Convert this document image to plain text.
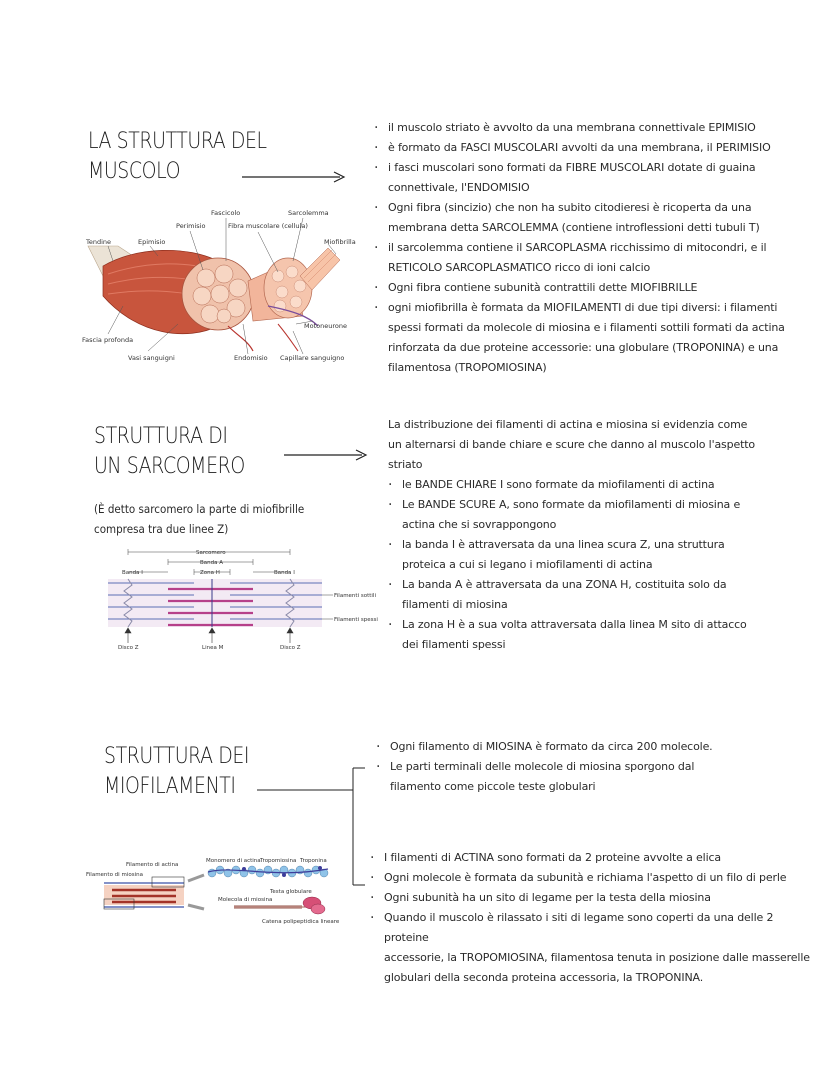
LA STRUTTURA DEL
MUSCOLO
· il muscolo striato è avvolto da una membrana connettivale EPIMISIO
· è formato da FASCI MUSCOLARI avvolti da una membrana, il PERIMISIO
· i fasci muscolari sono formati da FIBRE MUSCOLARI dotate di guaina
connettivale, l'ENDOMISIO
· Ogni fibra (sincizio) che non ha subito citodieresi è ricoperta da una
membrana detta SARCOLEMMA (contiene introflessioni detti tubuli T)
· il sarcolemma contiene il SARCOPLASMA ricchissimo di mitocondri, e il
RETICOLO SARCOPLASMATICO ricco di ioni calcio
· Ogni fibra contiene subunità contrattili dette MIOFIBRILLE
· ogni miofibrilla è formata da MIOFILAMENTI di due tipi diversi: i filamenti
spessi formati da molecole di miosina e i filamenti sottili formati da actina
rinforzata da due proteine accessorie: una globulare (TROPONINA) e una
filamentosa (TROPOMIOSINA)
Fascicolo	Sarcolemma
Perimisio	Fibra muscolare (cellula)
Tendine	Epimisio	Miofibrilla
Motoneurone
Fascia profonda
Vasi sanguigni	Endomisio Capillare sanguigno
STRUTTURA DI
UN SARCOMERO
(È detto sarcomero la parte di miofibrille
compresa tra due linee Z)
La distribuzione dei filamenti di actina e miosina si evidenzia come
un alternarsi di bande chiare e scure che danno al muscolo l'aspetto
striato
· le BANDE CHIARE I sono formate da miofilamenti di actina
· Le BANDE SCURE A, sono formate da miofilamenti di miosina e
actina che si sovrappongono
· la banda I è attraversata da una linea scura Z, una struttura
proteica a cui si legano i miofilamenti di actina
· La banda A è attraversata da una ZONA H, costituita solo da
filamenti di miosina
· La zona H è a sua volta attraversata dalla linea M sito di attacco
dei filamenti spessi
Sarcomero
Banda A
Banda I	Zona H	Banda I
Filamenti sottili
Filamenti spessi
Disco Z	Linea M	Disco Z
STRUTTURA DEI
MIOFILAMENTI
· Ogni filamento di MIOSINA è formato da circa 200 molecole.
· Le parti terminali delle molecole di miosina sporgono dal
filamento come piccole teste globulari
· I filamenti di ACTINA sono formati da 2 proteine avvolte a elica
· Ogni molecole è formata da subunità e richiama l'aspetto di un filo di perle
· Ogni subunità ha un sito di legame per la testa della miosina
· Quando il muscolo è rilassato i siti di legame sono coperti da una delle 2 proteine
accessorie, la TROPOMIOSINA, filamentosa tenuta in posizione dalle masserelle
globulari della seconda proteina accessoria, la TROPONINA.
Filamento di actina
Filamento di miosina
Monomero di actina Tropomiosina Troponina
Molecola di miosina
Testa globulare
Catena polipeptidica lineare
